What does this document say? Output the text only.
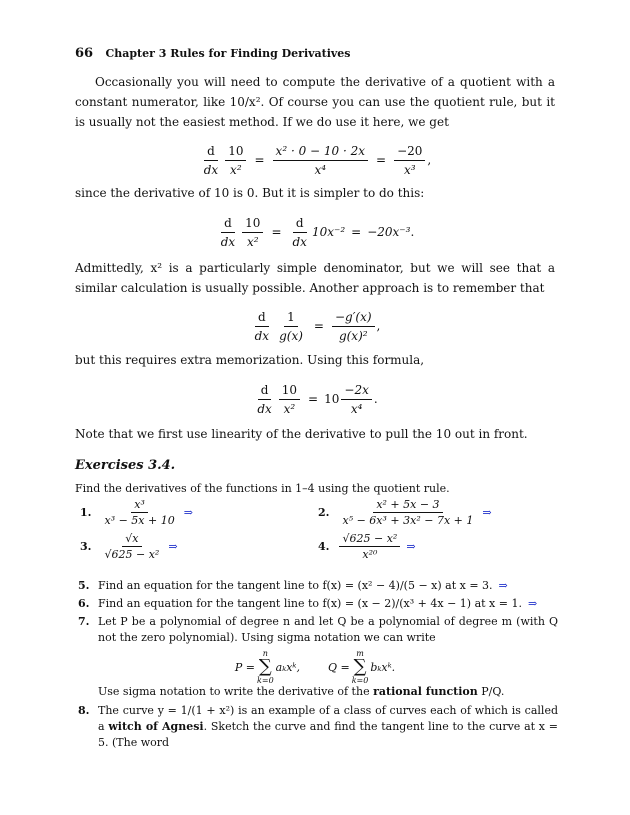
66 Chapter 3 Rules for Finding Derivatives
Occasionally you will need to compute the derivative of a quotient with a constant numerator, like 10/x². Of course you can use the quotient rule, but it is usually not the easiest method. If we do use it here, we get
$\frac{d}{dx} \frac{10}{\text{x²}} = \frac{\text{x² · 0 − 10 · 2x}}{\text{x⁴}} = \frac{-20}{\text{x³}}$ ,
since the derivative of 10 is 0. But it is simpler to do this:
$\frac{d}{dx} \frac{10}{\text{x²}} = \frac{d}{dx} 10x^{-2} = -20x^{-3}$ .
Admittedly, x² is a particularly simple denominator, but we will see that a similar calculation is usually possible. Another approach is to remember that
$\frac{d}{dx} \frac{1}{g(x)} = \frac{-g'(x)}{\text{g(x)²}}$ ,
but this requires extra memorization. Using this formula,
$\frac{d}{dx} \frac{10}{\text{x²}} = 10 \frac{-2x}{\text{x⁴}}$ .
Note that we first use linearity of the derivative to pull the 10 out in front.
Exercises 3.4.
Find the derivatives of the functions in 1–4 using the quotient rule.
1. $\frac{\text{x³}}{\text{x³ − 5x + 10}}$ ⇒	2. $\frac{\text{x² + 5x − 3}}{\text{x⁵ − 6x³ + 3x² − 7x + 1}}$ ⇒
3. $\frac{√x}{\text{√625 − x²}}$ ⇒	4. $\frac{\text{√625 − x²}}{\text{x²⁰}}$ ⇒
5. Find an equation for the tangent line to f(x) = (x² − 4)/(5 − x) at x = 3. ⇒
6. Find an equation for the tangent line to f(x) = (x − 2)/(x³ + 4x − 1) at x = 1. ⇒
7. Let P be a polynomial of degree n and let Q be a polynomial of degree m (with Q not the zero polynomial). Using sigma notation we can write
P =
n
∑
k=0
aₖxᵏ,	Q =
m
∑
k=0
bₖxᵏ.
Use sigma notation to write the derivative of the rational function P/Q.
8. The curve y = 1/(1 + x²) is an example of a class of curves each of which is called a witch of Agnesi. Sketch the curve and find the tangent line to the curve at x = 5. (The word
